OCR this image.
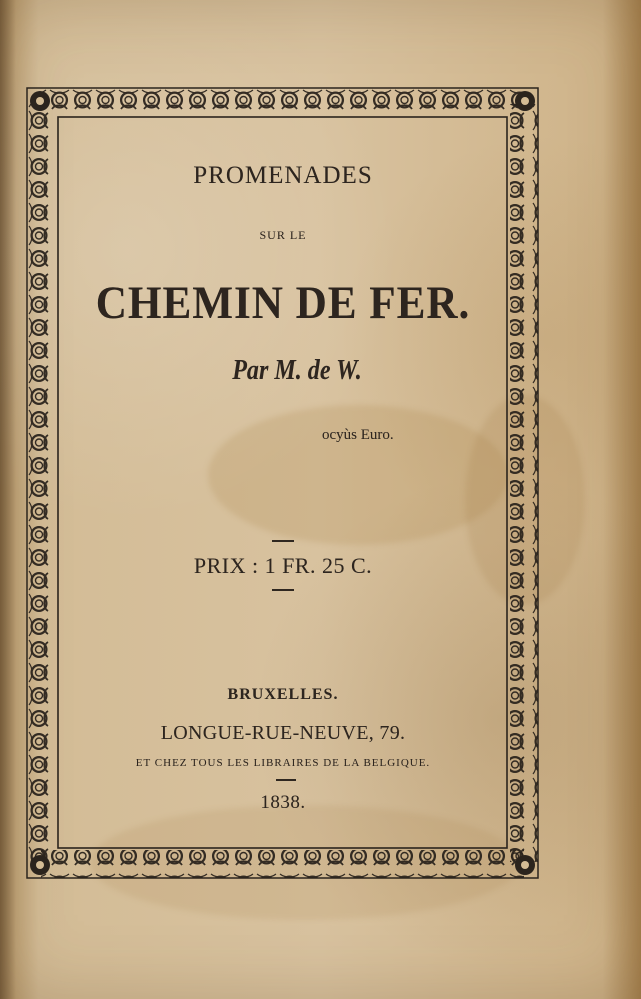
PROMENADES
SUR LE
CHEMIN DE FER.
Par M. de W.
ocyùs Euro.
PRIX : 1 FR. 25 C.
BRUXELLES.
LONGUE-RUE-NEUVE, 79.
ET CHEZ TOUS LES LIBRAIRES DE LA BELGIQUE.
1838.
